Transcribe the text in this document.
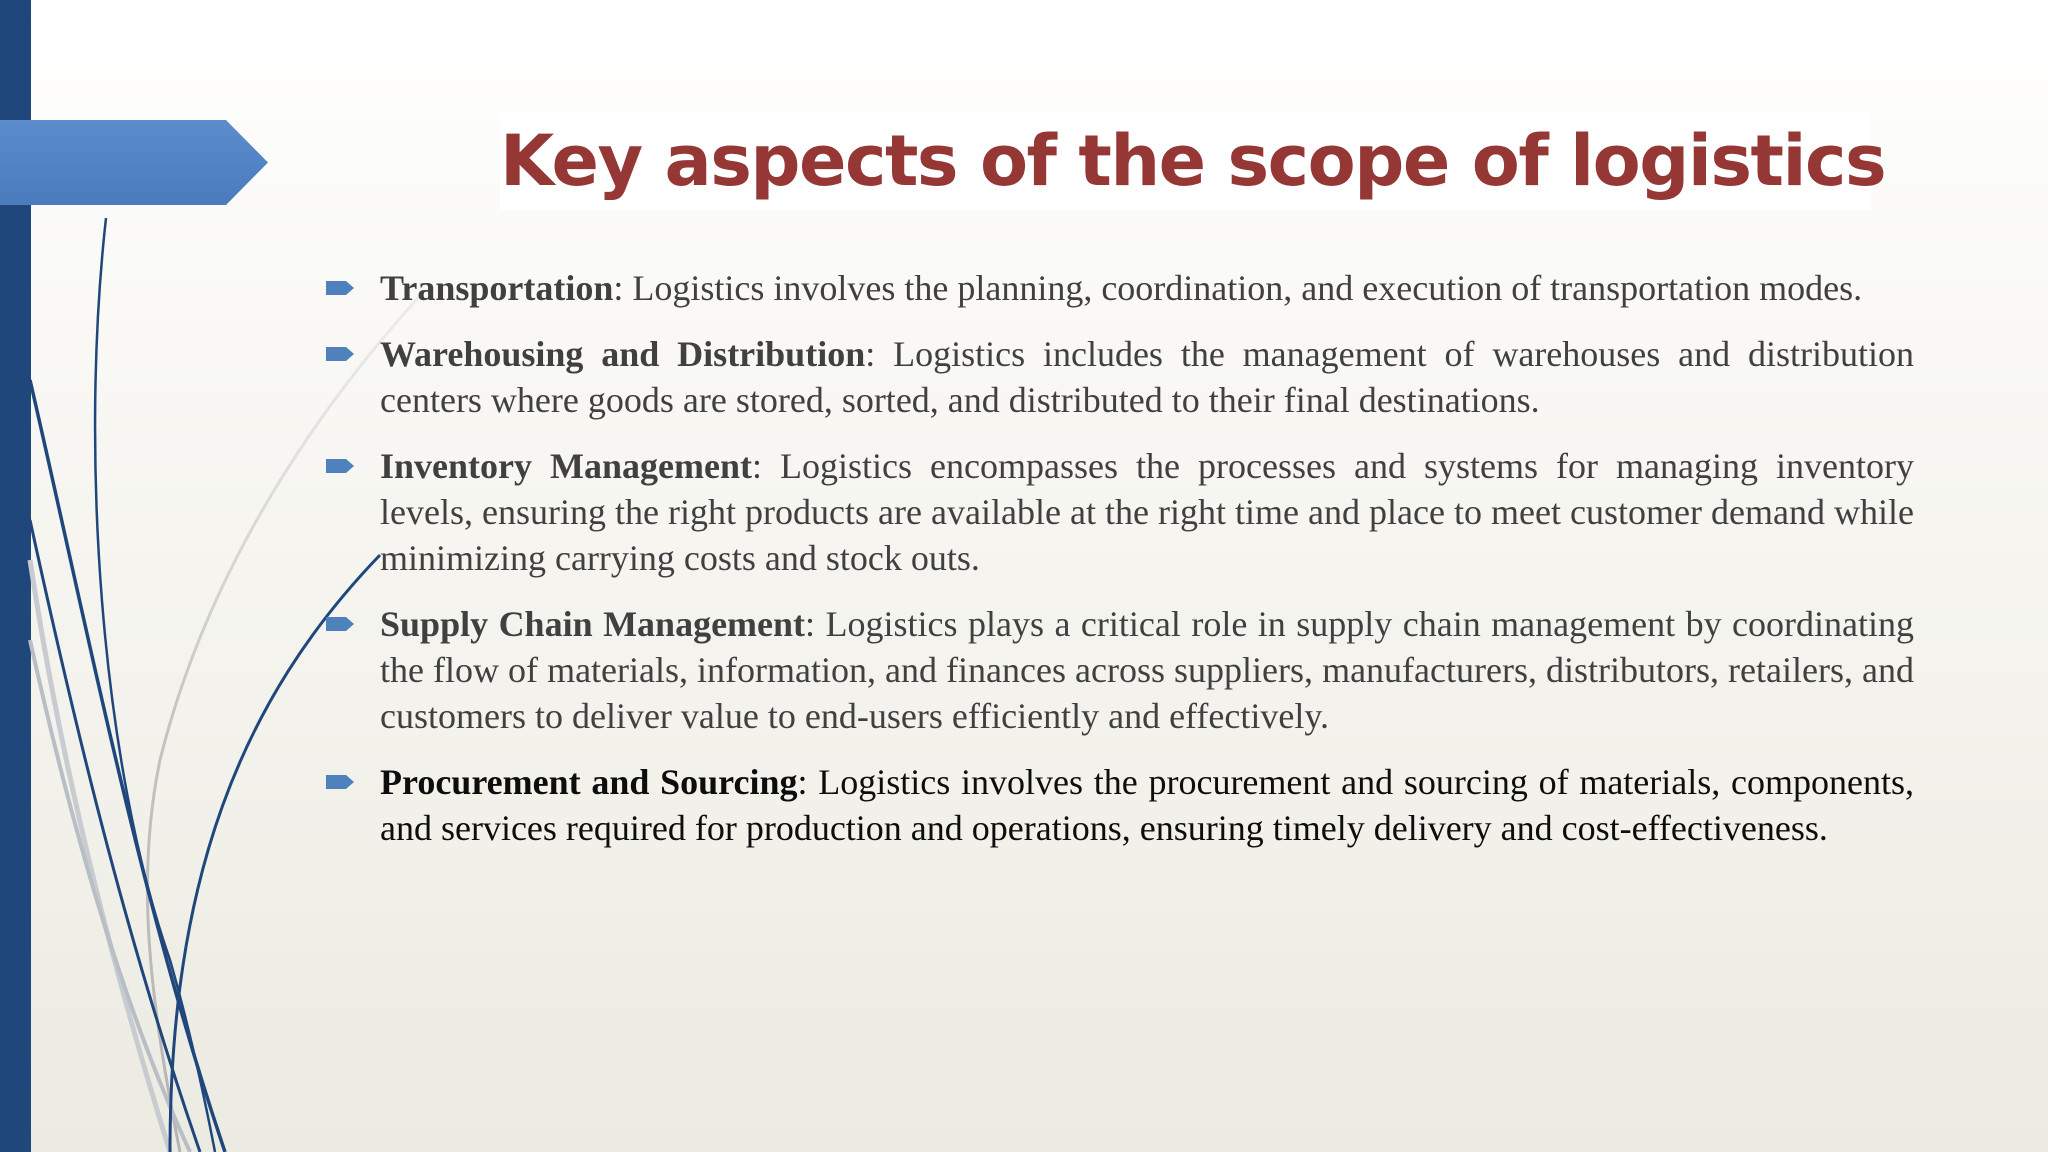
Key aspects of the scope of logistics
Transportation: Logistics involves the planning, coordination, and execution of transportation modes.
Warehousing and Distribution: Logistics includes the management of warehouses and distribution centers where goods are stored, sorted, and distributed to their final destinations.
Inventory Management: Logistics encompasses the processes and systems for managing inventory levels, ensuring the right products are available at the right time and place to meet customer demand while minimizing carrying costs and stock outs.
Supply Chain Management: Logistics plays a critical role in supply chain management by coordinating the flow of materials, information, and finances across suppliers, manufacturers, distributors, retailers, and customers to deliver value to end-users efficiently and effectively.
Procurement and Sourcing: Logistics involves the procurement and sourcing of materials, components, and services required for production and operations, ensuring timely delivery and cost-effectiveness.
